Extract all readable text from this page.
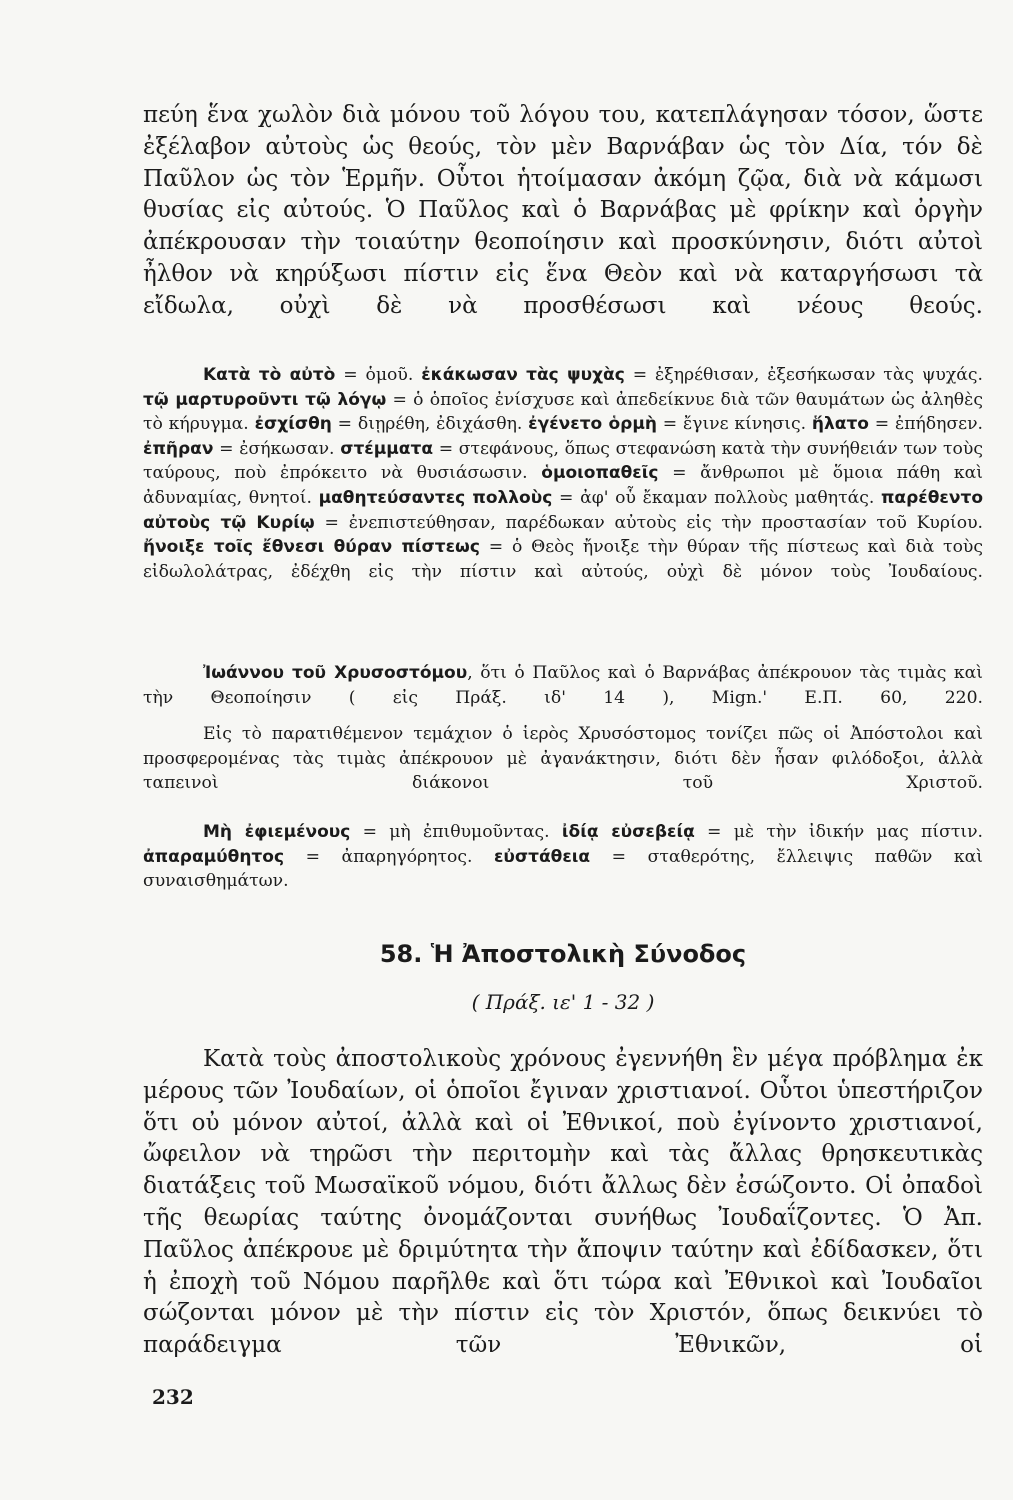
πεύη ἕνα χωλὸν διὰ μόνου τοῦ λόγου του, κατεπλάγησαν τόσον, ὥστε ἐξέλαβον αὐτοὺς ὡς θεούς, τὸν μὲν Βαρνάβαν ὡς τὸν Δία, τόν δὲ Παῦλον ὡς τὸν Ἑρμῆν. Οὗτοι ἡτοίμασαν ἀκόμη ζῷα, διὰ νὰ κάμωσι θυσίας εἰς αὐτούς. Ὁ Παῦλος καὶ ὁ Βαρνάβας μὲ φρίκην καὶ ὀργὴν ἀπέκρουσαν τὴν τοιαύτην θεοποίησιν καὶ προσκύνησιν, διότι αὐτοὶ ἦλθον νὰ κηρύξωσι πίστιν εἰς ἕνα Θεὸν καὶ νὰ καταργήσωσι τὰ εἴδωλα, οὐχὶ δὲ νὰ προσθέσωσι καὶ νέους θεούς.
Κατὰ τὸ αὐτὸ = ὁμοῦ. ἐκάκωσαν τὰς ψυχὰς = ἐξηρέθισαν, ἐξεσήκωσαν τὰς ψυχάς. τῷ μαρτυροῦντι τῷ λόγῳ = ὁ ὁποῖος ἐνίσχυσε καὶ ἀπεδείκνυε διὰ τῶν θαυμάτων ὡς ἀληθὲς τὸ κήρυγμα. ἐσχίσθη = διῃρέθη, ἐδιχάσθη. ἐγένετο ὁρμὴ = ἔγινε κίνησις. ἥλατο = ἐπήδησεν. ἐπῆραν = ἐσήκωσαν. στέμματα = στεφάνους, ὅπως στεφανώση κατὰ τὴν συνήθειάν των τοὺς ταύρους, ποὺ ἐπρόκειτο νὰ θυσιάσωσιν. ὁμοιοπαθεῖς = ἄνθρωποι μὲ ὅμοια πάθη καὶ ἀδυναμίας, θνητοί. μαθητεύσαντες πολλοὺς = ἀφ' οὗ ἔκαμαν πολλοὺς μαθητάς. παρέθεντο αὐτοὺς τῷ Κυρίῳ = ἐνεπιστεύθησαν, παρέδωκαν αὐτοὺς εἰς τὴν προστασίαν τοῦ Κυρίου. ἤνοιξε τοῖς ἔθνεσι θύραν πίστεως = ὁ Θεὸς ἤνοιξε τὴν θύραν τῆς πίστεως καὶ διὰ τοὺς εἰδωλολάτρας, ἐδέχθη εἰς τὴν πίστιν καὶ αὐτούς, οὐχὶ δὲ μόνον τοὺς Ἰουδαίους.
Ἰωάννου τοῦ Χρυσοστόμου, ὅτι ὁ Παῦλος καὶ ὁ Βαρνάβας ἀπέκρουον τὰς τιμὰς καὶ τὴν Θεοποίησιν ( εἰς Πράξ. ιδ' 14 ), Mign.' Ε.Π. 60, 220.
Εἰς τὸ παρατιθέμενον τεμάχιον ὁ ἱερὸς Χρυσόστομος τονίζει πῶς οἱ Ἀπόστολοι καὶ προσφερομένας τὰς τιμὰς ἀπέκρουον μὲ ἀγανάκτησιν, διότι δὲν ἦσαν φιλόδοξοι, ἀλλὰ ταπεινοὶ διάκονοι τοῦ Χριστοῦ.
Μὴ ἐφιεμένους = μὴ ἐπιθυμοῦντας. ἰδίᾳ εὐσεβείᾳ = μὲ τὴν ἰδικήν μας πίστιν. ἀπαραμύθητος = ἀπαρηγόρητος. εὐστάθεια = σταθερότης, ἔλλειψις παθῶν καὶ συναισθημάτων.
58. Ἡ Ἀποστολικὴ Σύνοδος
( Πράξ. ιε' 1 - 32 )
Κατὰ τοὺς ἀποστολικοὺς χρόνους ἐγεννήθη ἓν μέγα πρόβλημα ἐκ μέρους τῶν Ἰουδαίων, οἱ ὁποῖοι ἔγιναν χριστιανοί. Οὗτοι ὑπεστήριζον ὅτι οὐ μόνον αὐτοί, ἀλλὰ καὶ οἱ Ἐθνικοί, ποὺ ἐγίνοντο χριστιανοί, ὤφειλον νὰ τηρῶσι τὴν περιτομὴν καὶ τὰς ἄλλας θρησκευτικὰς διατάξεις τοῦ Μωσαϊκοῦ νόμου, διότι ἄλλως δὲν ἐσώζοντο. Οἱ ὀπαδοὶ τῆς θεωρίας ταύτης ὀνομάζονται συνήθως Ἰουδαΐζοντες. Ὁ Ἀπ. Παῦλος ἀπέκρουε μὲ δριμύτητα τὴν ἄποψιν ταύτην καὶ ἐδίδασκεν, ὅτι ἡ ἐποχὴ τοῦ Νόμου παρῆλθε καὶ ὅτι τώρα καὶ Ἐθνικοὶ καὶ Ἰουδαῖοι σώζονται μόνον μὲ τὴν πίστιν εἰς τὸν Χριστόν, ὅπως δεικνύει τὸ παράδειγμα τῶν Ἐθνικῶν, οἱ
232
